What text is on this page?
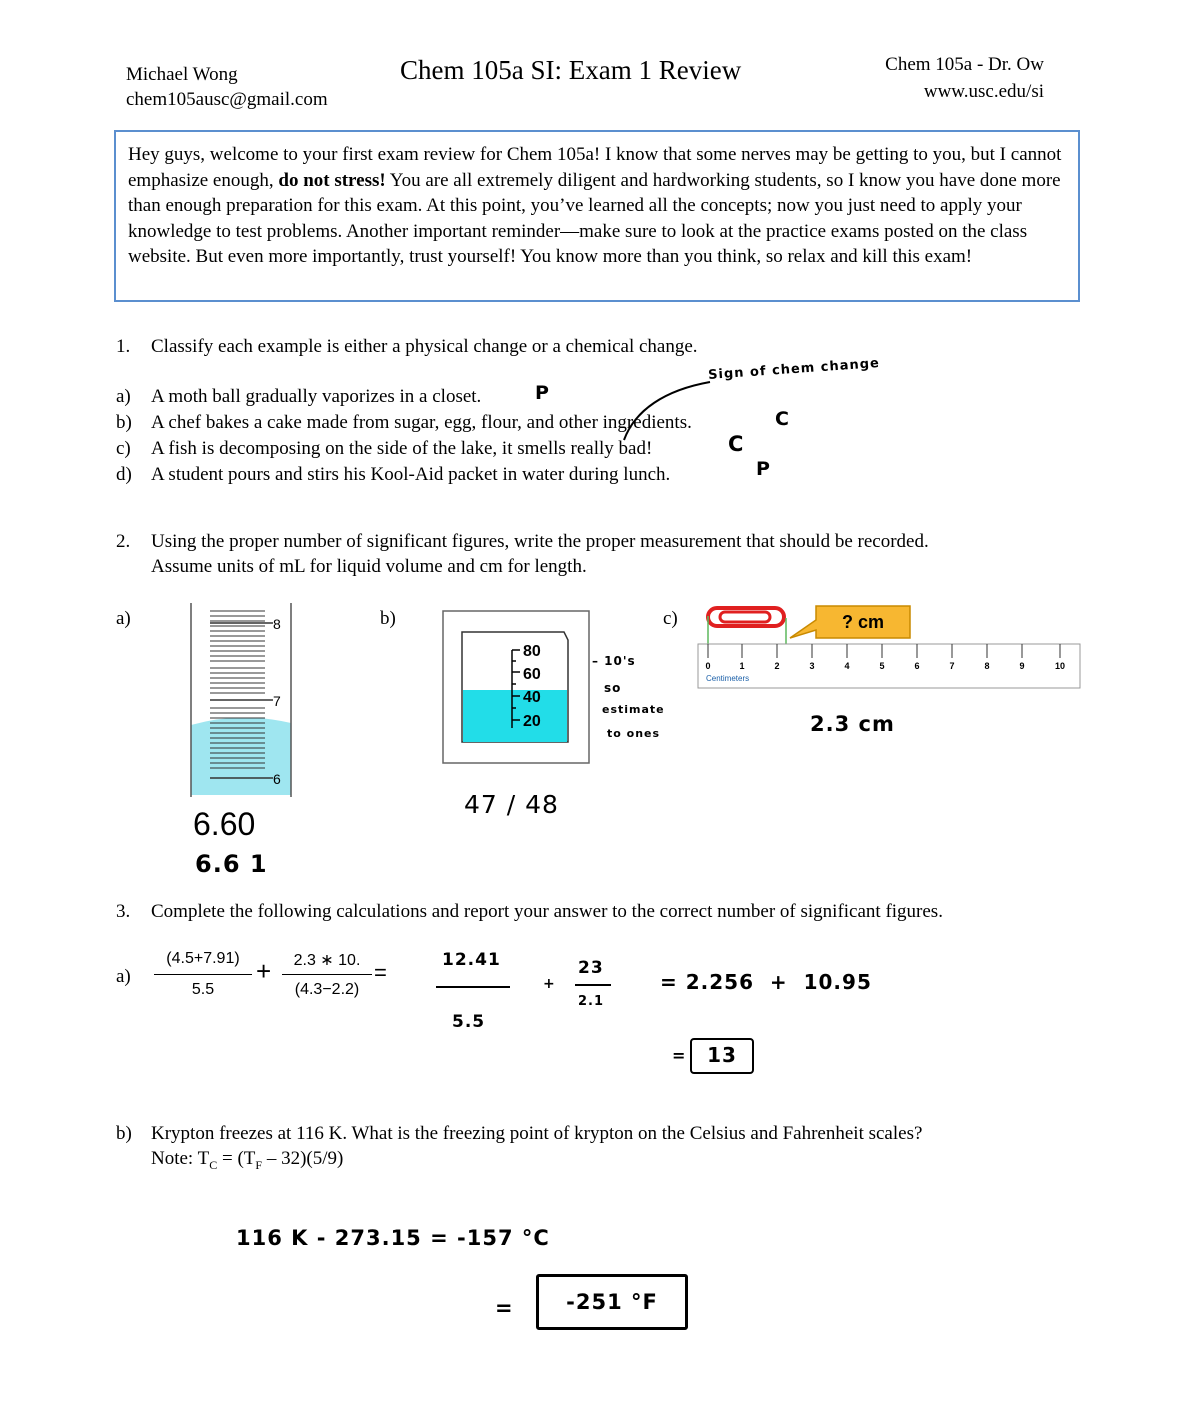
Michael Wong
chem105ausc@gmail.com
Chem 105a SI: Exam 1 Review	Chem 105a - Dr. Ow
www.usc.edu/si
Hey guys, welcome to your first exam review for Chem 105a! I know that some nerves may be getting to you, but I cannot emphasize enough, do not stress! You are all extremely diligent and hardworking students, so I know you have done more than enough preparation for this exam. At this point, you’ve learned all the concepts; now you just need to apply your knowledge to test problems. Another important reminder—make sure to look at the practice exams posted on the class website. But even more importantly, trust yourself! You know more than you think, so relax and kill this exam!
1. Classify each example is either a physical change or a chemical change.
a) A moth ball gradually vaporizes in a closet.	P
b) A chef bakes a cake made from sugar, egg, flour, and other ingredients.	C
c) A fish is decomposing on the side of the lake, it smells really bad!	C
d) A student pours and stirs his Kool-Aid packet in water during lunch.	P
Sign of chem change
2. Using the proper number of significant figures, write the proper measurement that should be recorded.
Assume units of mL for liquid volume and cm for length.
a)	8
7
6
6.60
6.6 1
b)
80
60
40
20
– 10's
so
estimate
to ones
47 / 48
c)	? cm
0	1	2	3	4	5	6	7	8	9	10
Centimeters
2.3 cm
3. Complete the following calculations and report your answer to the correct number of significant figures.
a)
(4.5+7.91)
5.5
+	2.3 ∗ 10.
(4.3−2.2)
=	12.41
5.5
+
23
2.1
= 2.256  +  10.95
=	13
b) Krypton freezes at 116 K. What is the freezing point of krypton on the Celsius and Fahrenheit scales?
Note: $T_C = (T_F - 32)(5/9)$
116 K - 273.15 = -157 °C
=	-251 °F
